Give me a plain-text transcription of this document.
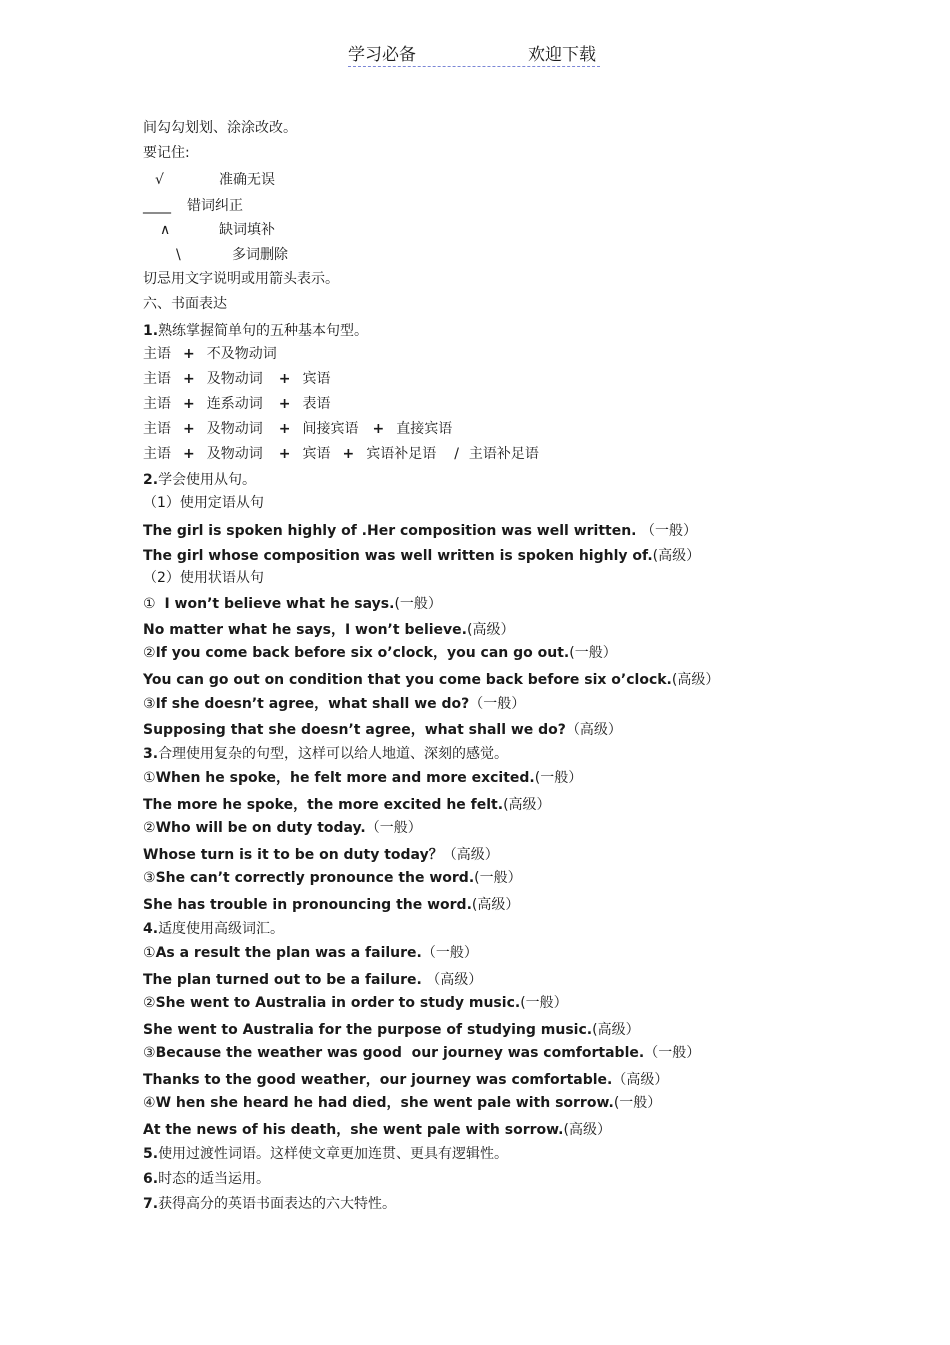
学习必备	欢迎下载
间勾勾划划、涂涂改改。
要记住:
√	准确无误
____ 错词纠正
∧	缺词填补
\	多词删除
切忌用文字说明或用箭头表示。
六、书面表达
1.熟练掌握简单句的五种基本句型。
主语 + 不及物动词
主语 + 及物动词 + 宾语
主语 + 连系动词 + 表语
主语 + 及物动词 + 间接宾语 + 直接宾语
主语 + 及物动词 + 宾语 + 宾语补足语 / 主语补足语
2.学会使用从句。
（1）使用定语从句
The girl is spoken highly of .Her composition was well written. （一般）
The girl whose composition was well written is spoken highly of.(高级）
（2）使用状语从句
① I won’t believe what he says.(一般）
No matter what he says，I won’t believe.(高级）
②If you come back before six o’clock，you can go out.(一般）
You can go out on condition that you come back before six o’clock.(高级）
③If she doesn’t agree，what shall we do?（一般）
Supposing that she doesn’t agree，what shall we do?（高级）
3.合理使用复杂的句型，这样可以给人地道、深刻的感觉。
①When he spoke，he felt more and more excited.(一般）
The more he spoke，the more excited he felt.(高级）
②Who will be on duty today.（一般）
Whose turn is it to be on duty today？（高级）
③She can’t correctly pronounce the word.(一般）
She has trouble in pronouncing the word.(高级）
4.适度使用高级词汇。
①As a result the plan was a failure.（一般）
The plan turned out to be a failure. （高级）
②She went to Australia in order to study music.(一般）
She went to Australia for the purpose of studying music.(高级）
③Because the weather was good  our journey was comfortable.（一般）
Thanks to the good weather，our journey was comfortable.（高级）
④W hen she heard he had died，she went pale with sorrow.(一般）
At the news of his death，she went pale with sorrow.(高级）
5.使用过渡性词语。这样使文章更加连贯、更具有逻辑性。
6.时态的适当运用。
7.获得高分的英语书面表达的六大特性。
